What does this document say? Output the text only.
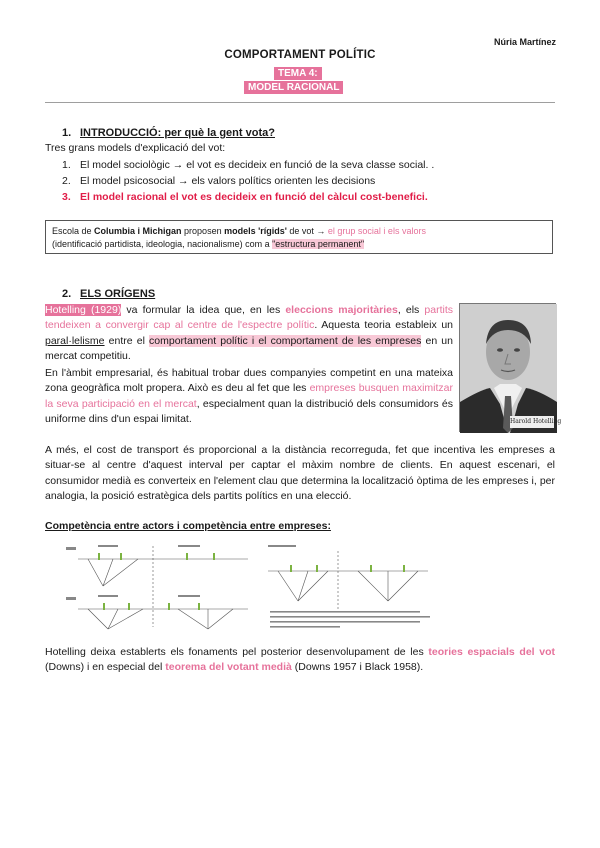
Núria Martínez
COMPORTAMENT POLÍTIC
TEMA 4:
MODEL RACIONAL
1. INTRODUCCIÓ: per què la gent vota?
Tres grans models d'explicació del vot:
1. El model sociològic → el vot es decideix en funció de la seva classe social. .
2. El model psicosocial → els valors polítics orienten les decisions
3. El model racional el vot es decideix en funció del càlcul cost-benefici.
Escola de Columbia i Michigan proposen models 'rígids' de vot → el grup social i els valors
(identificació partidista, ideologia, nacionalisme) com a "estructura permanent"
2. ELS ORÍGENS
Hotelling (1929) va formular la idea que, en les eleccions majoritàries, els partits tendeixen a convergir cap al centre de l'espectre polític. Aquesta teoria estableix un paral·lelisme entre el comportament polític i el comportament de les empreses en un mercat competitiu.
En l'àmbit empresarial, és habitual trobar dues companyies competint en una mateixa zona geogràfica molt propera. Això es deu al fet que les empreses busquen maximitzar la seva participació en el mercat, especialment quan la distribució dels consumidors és uniforme dins d'un espai limitat.
A més, el cost de transport és proporcional a la distància recorreguda, fet que incentiva les empreses a situar-se al centre d'aquest interval per captar el màxim nombre de clients. En aquest escenari, el consumidor medià es converteix en l'element clau que determina la localització òptima de les empreses i, per analogia, la posició estratègica dels partits polítics en una elecció.
Harold Hotelling
Competència entre actors i competència entre empreses:
Hotelling deixa establerts els fonaments pel posterior desenvolupament de les teories espacials del vot (Downs) i en especial del teorema del votant medià (Downs 1957 i Black 1958).
